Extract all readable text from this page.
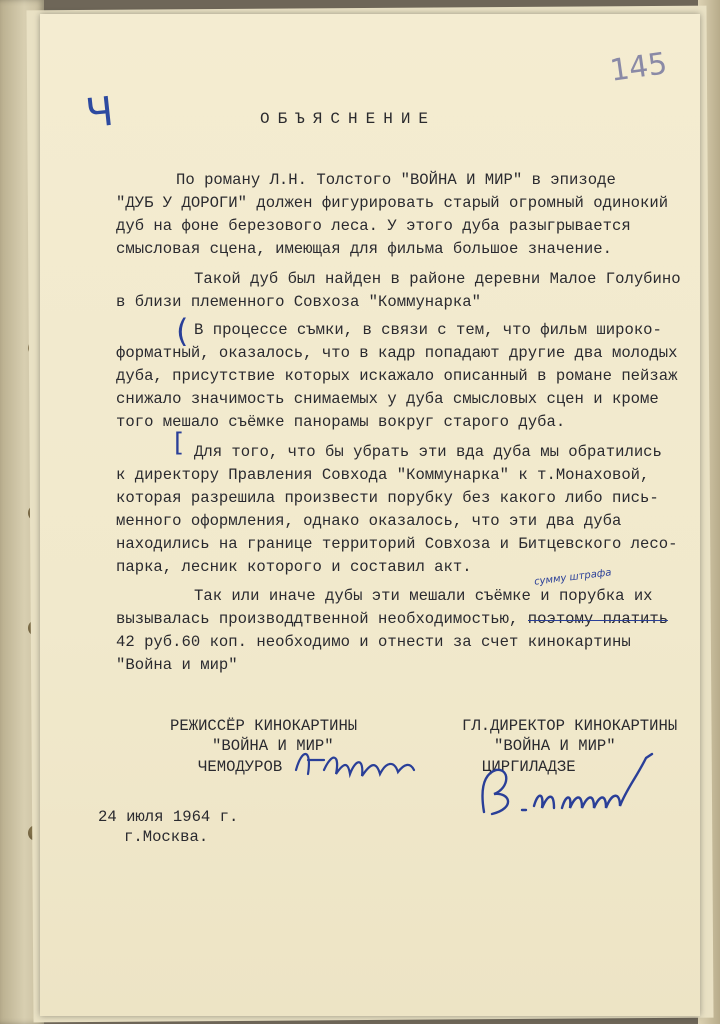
145
Ч	ОБЪЯСНЕНИЕ
По роману Л.Н. Толстого "ВОЙНА И МИР" в эпизоде
"ДУБ У ДОРОГИ" должен фигурировать старый огромный одинокий
дуб на фоне березового леса. У этого дуба разыгрывается
смысловая сцена, имеющая для фильма большое значение.
Такой дуб был найден в районе деревни Малое Голубино
в близи племенного Совхоза "Коммунарка"
В процессе съмки, в связи с тем, что фильм широко-
форматный, оказалось, что в кадр попадают другие два молодых
дуба, присутствие которых искажало описанный в романе пейзаж
снижало значимость снимаемых у дуба смысловых сцен и кроме
того мешало съёмке панорамы вокруг старого дуба.
(
Для того, что бы убрать эти вда дуба мы обратились
к директору Правления Совхода "Коммунарка" к т.Монаховой,
которая разрешила произвести порубку без какого либо пись-
менного оформления, однако оказалось, что эти два дуба
находились на границе территорий Совхоза и Битцевского лесо-
парка, лесник которого и составил акт.
[
Так или иначе дубы эти мешали съёмке и порубка их
вызывалась производдтвенной необходимостью, поэтому платить
42 руб.60 коп. необходимо и отнести за счет кинокартины
"Война и мир"
сумму штрафа
РЕЖИССЁР КИНОКАРТИНЫ
"ВОЙНА И МИР"
ЧЕМОДУРОВ
ГЛ.ДИРЕКТОР КИНОКАРТИНЫ
"ВОЙНА И МИР"
ЦИРГИЛАДЗЕ
24 июля 1964 г.
г.Москва.
